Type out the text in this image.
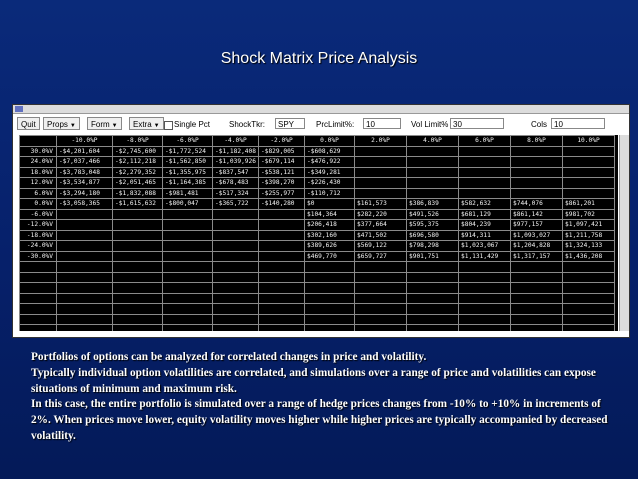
Shock Matrix Price Analysis
Quit	Props ▼	Form ▼	Extra ▼	Single Pct ShockTkr:	SPY	PrcLimit%:	10	Vol Limit% 30	Cols 10
	-10.0%P	-8.0%P	-6.0%P	-4.0%P	-2.0%P	0.0%P	2.0%P	4.0%P	6.0%P	8.0%P	10.0%P
30.0%V	-$4,201,604	-$2,745,600	-$1,772,524	-$1,182,408	-$829,005	-$608,629					
24.0%V	-$7,037,466	-$2,112,218	-$1,562,850	-$1,039,926	-$679,114	-$476,922					
18.0%V	-$3,783,048	-$2,279,352	-$1,355,975	-$837,547	-$538,121	-$349,281					
12.0%V	-$3,534,877	-$2,051,465	-$1,164,385	-$678,483	-$398,270	-$226,430					
6.0%V	-$3,294,180	-$1,832,088	-$981,481	-$517,324	-$255,977	-$110,712					
0.0%V	-$3,058,365	-$1,615,632	-$800,047	-$365,722	-$140,280	$0	$161,573	$386,839	$582,632	$744,076	$861,201
-6.0%V						$104,364	$282,220	$491,526	$681,129	$861,142	$981,702
-12.0%V						$206,418	$377,664	$595,375	$804,239	$977,157	$1,097,421
-18.0%V						$302,160	$471,502	$696,580	$914,311	$1,093,027	$1,211,758
-24.0%V						$389,626	$569,122	$798,298	$1,023,067	$1,204,828	$1,324,133
-30.0%V						$469,770	$659,727	$901,751	$1,131,429	$1,317,157	$1,436,208

Portfolios of options can be analyzed for correlated changes in price and volatility.

Typically individual option volatilities are correlated, and simulations over a range of price and volatilities can expose situations of minimum and maximum risk.

In this case, the entire portfolio is simulated over a range of hedge prices changes from -10% to +10% in increments of 2%. When prices move lower, equity volatility moves higher while higher prices are typically accompanied by decreased volatility.
